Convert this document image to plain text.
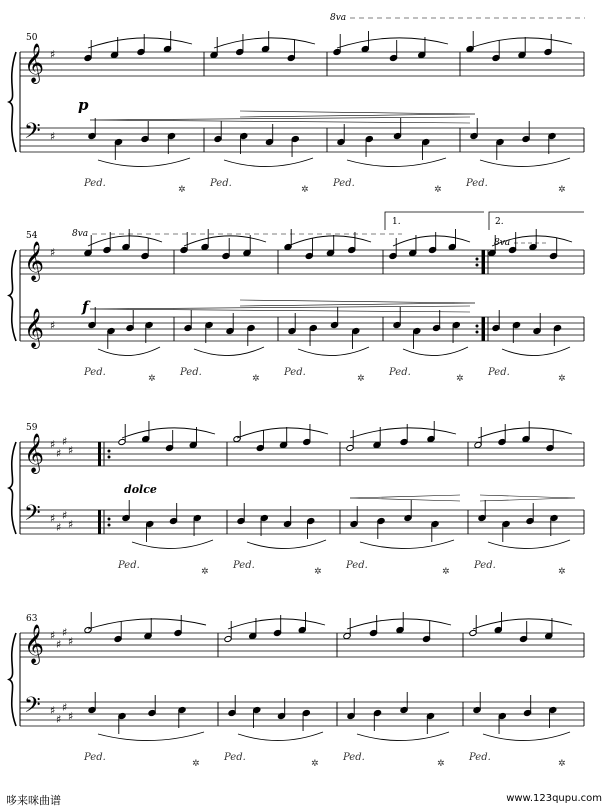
𝄞
𝄢
♯
♯
50
8va
p
Ped.
✲
Ped.
✲
Ped.
✲
Ped.
✲
𝄞
𝄞
♯
♯
54	8va
f
1.	2.
8va
Ped.
✲
Ped.
✲
Ped.
✲
Ped.
✲
Ped.
✲
𝄞
𝄢
♯
♯
♯
♯
♯
♯
♯
♯
59
dolce
Ped.
✲
Ped.
✲
Ped.
✲
Ped.
✲
𝄞
𝄢
♯
♯
♯
♯
♯
♯
♯
♯
63
Ped.
✲
Ped.
✲
Ped.
✲
Ped.
✲
哆来咪曲谱	www.123qupu.com
